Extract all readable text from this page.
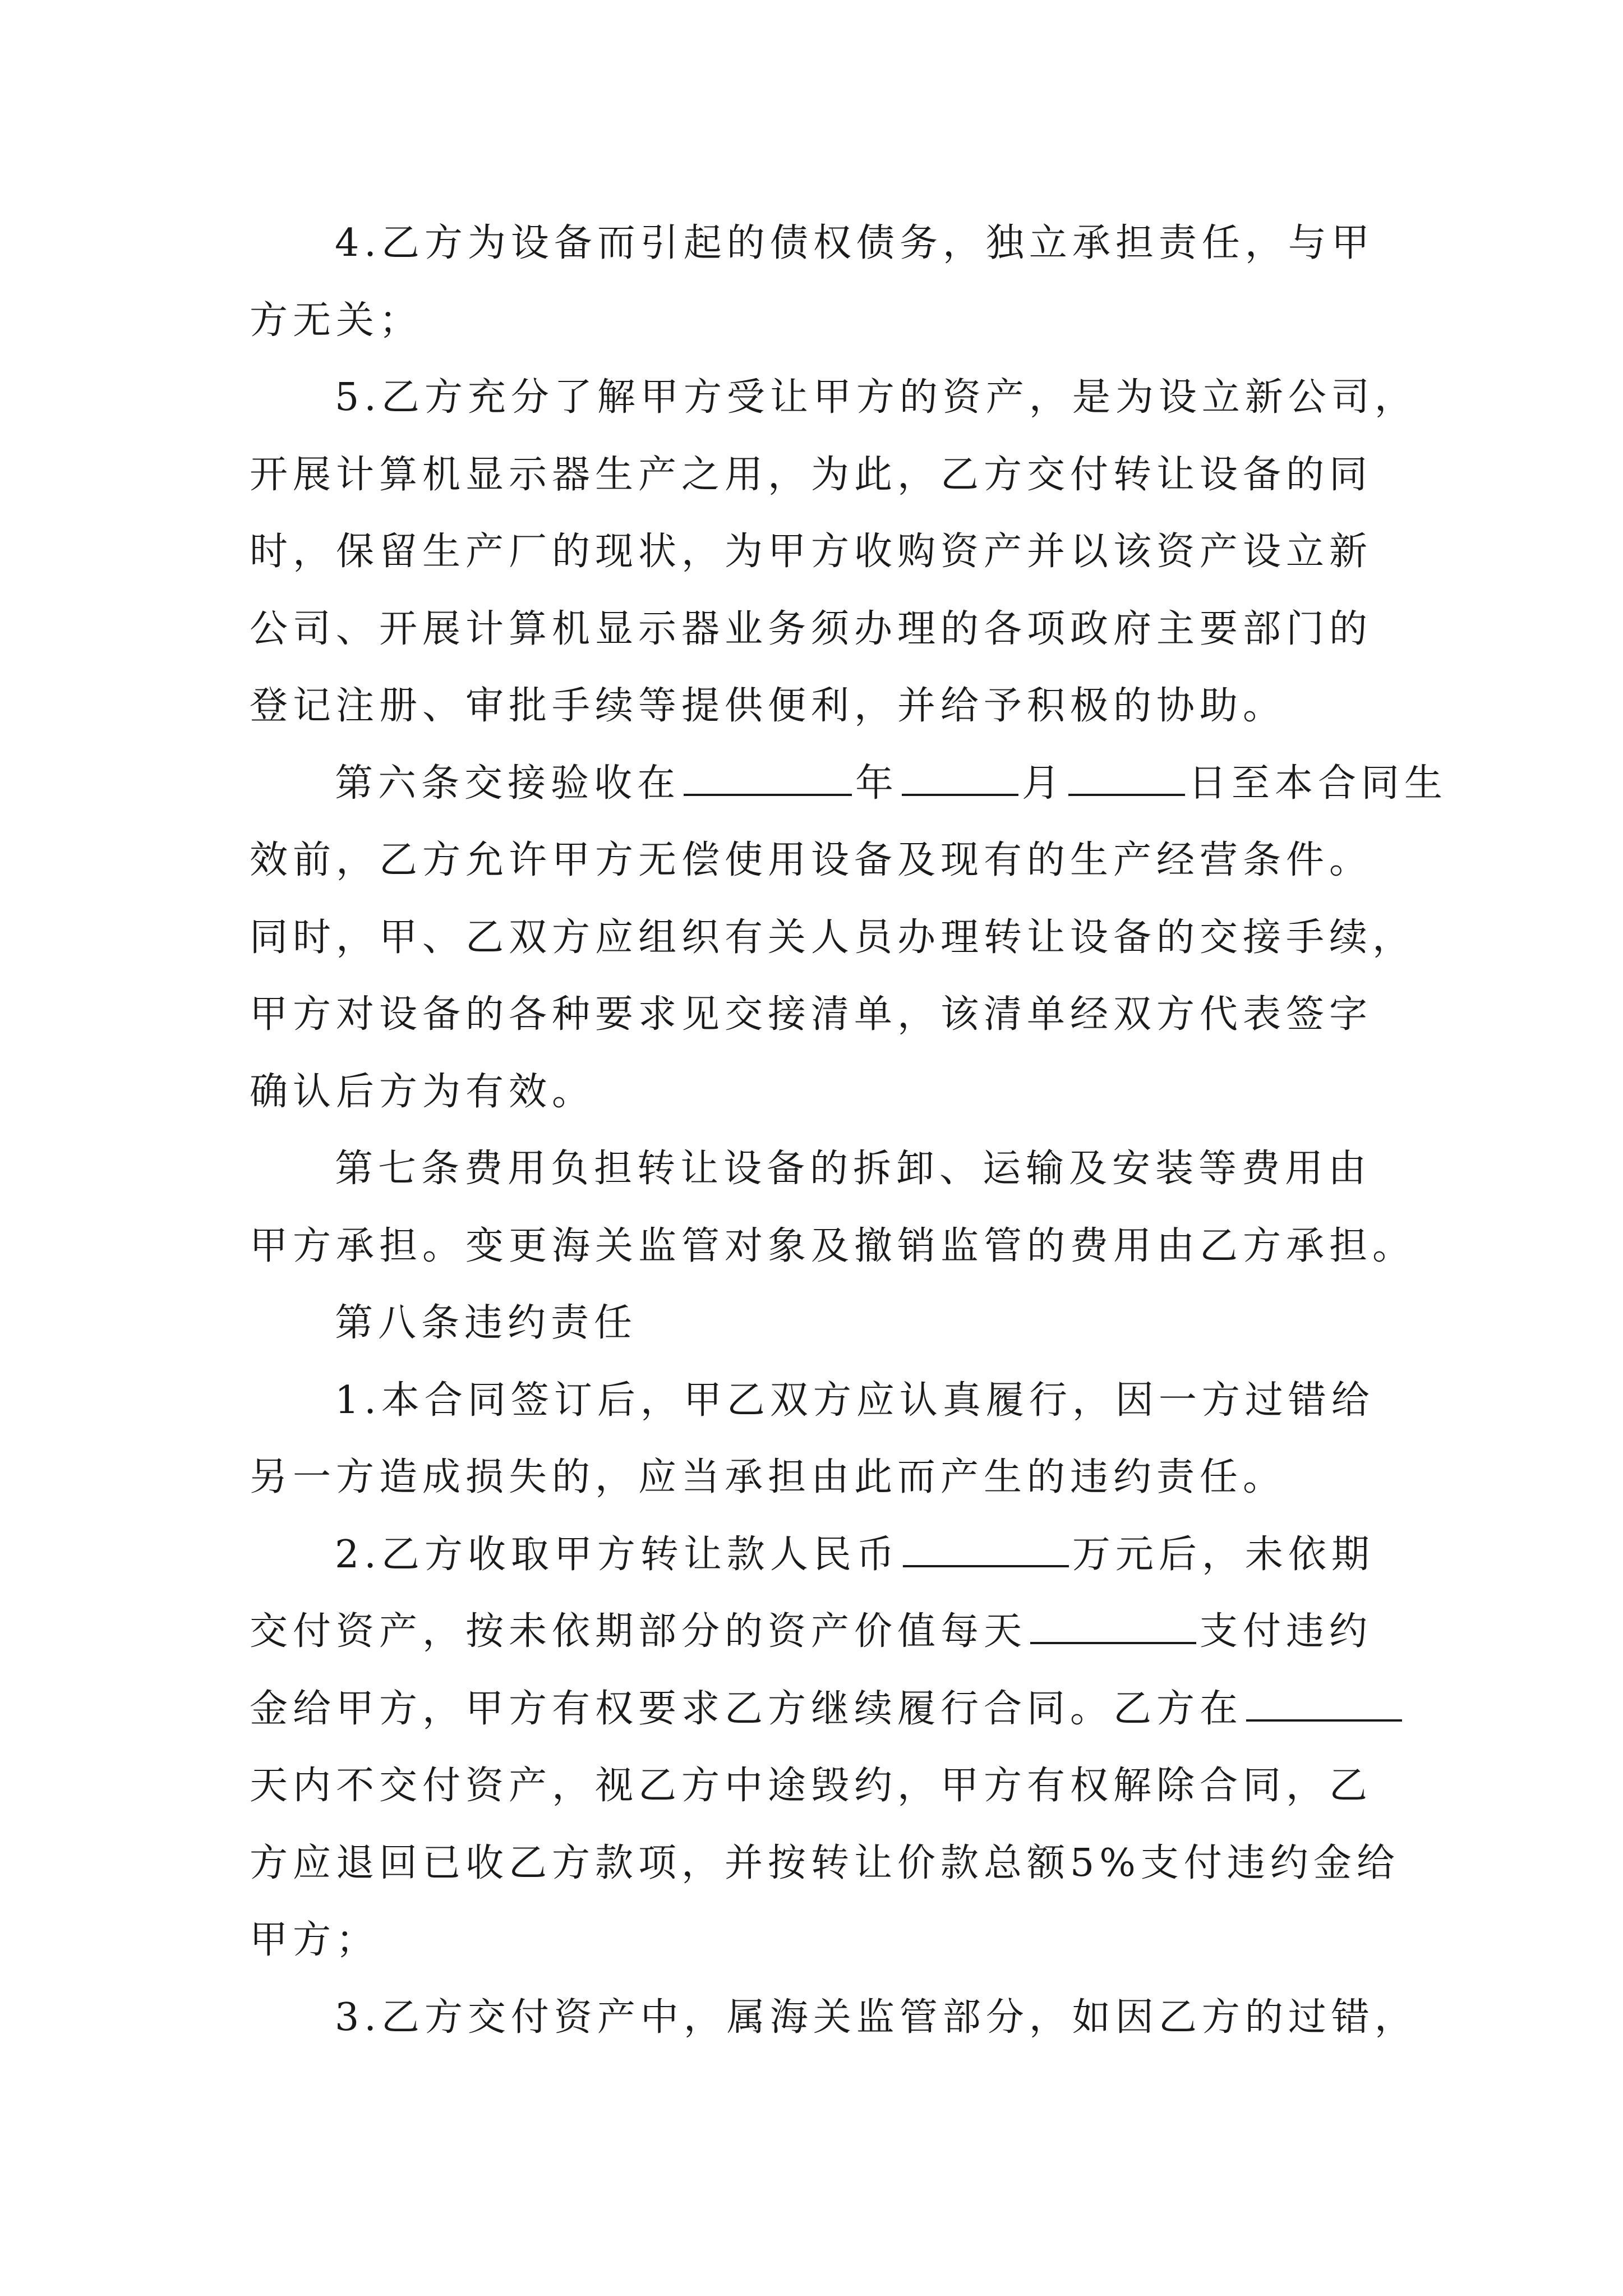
4.乙方为设备而引起的债权债务，独立承担责任，与甲
方无关；
5.乙方充分了解甲方受让甲方的资产，是为设立新公司，
开展计算机显示器生产之用，为此，乙方交付转让设备的同
时，保留生产厂的现状，为甲方收购资产并以该资产设立新
公司、开展计算机显示器业务须办理的各项政府主要部门的
登记注册、审批手续等提供便利，并给予积极的协助。
第六条交接验收在	年	月	日至本合同生
效前，乙方允许甲方无偿使用设备及现有的生产经营条件。
同时，甲、乙双方应组织有关人员办理转让设备的交接手续，
甲方对设备的各种要求见交接清单，该清单经双方代表签字
确认后方为有效。
第七条费用负担转让设备的拆卸、运输及安装等费用由
甲方承担。变更海关监管对象及撤销监管的费用由乙方承担。
第八条违约责任
1.本合同签订后，甲乙双方应认真履行，因一方过错给
另一方造成损失的，应当承担由此而产生的违约责任。
2.乙方收取甲方转让款人民币	万元后，未依期
交付资产，按未依期部分的资产价值每天	支付违约
金给甲方，甲方有权要求乙方继续履行合同。乙方在
天内不交付资产，视乙方中途毁约，甲方有权解除合同，乙
方应退回已收乙方款项，并按转让价款总额5%支付违约金给
甲方；
3.乙方交付资产中，属海关监管部分，如因乙方的过错，
